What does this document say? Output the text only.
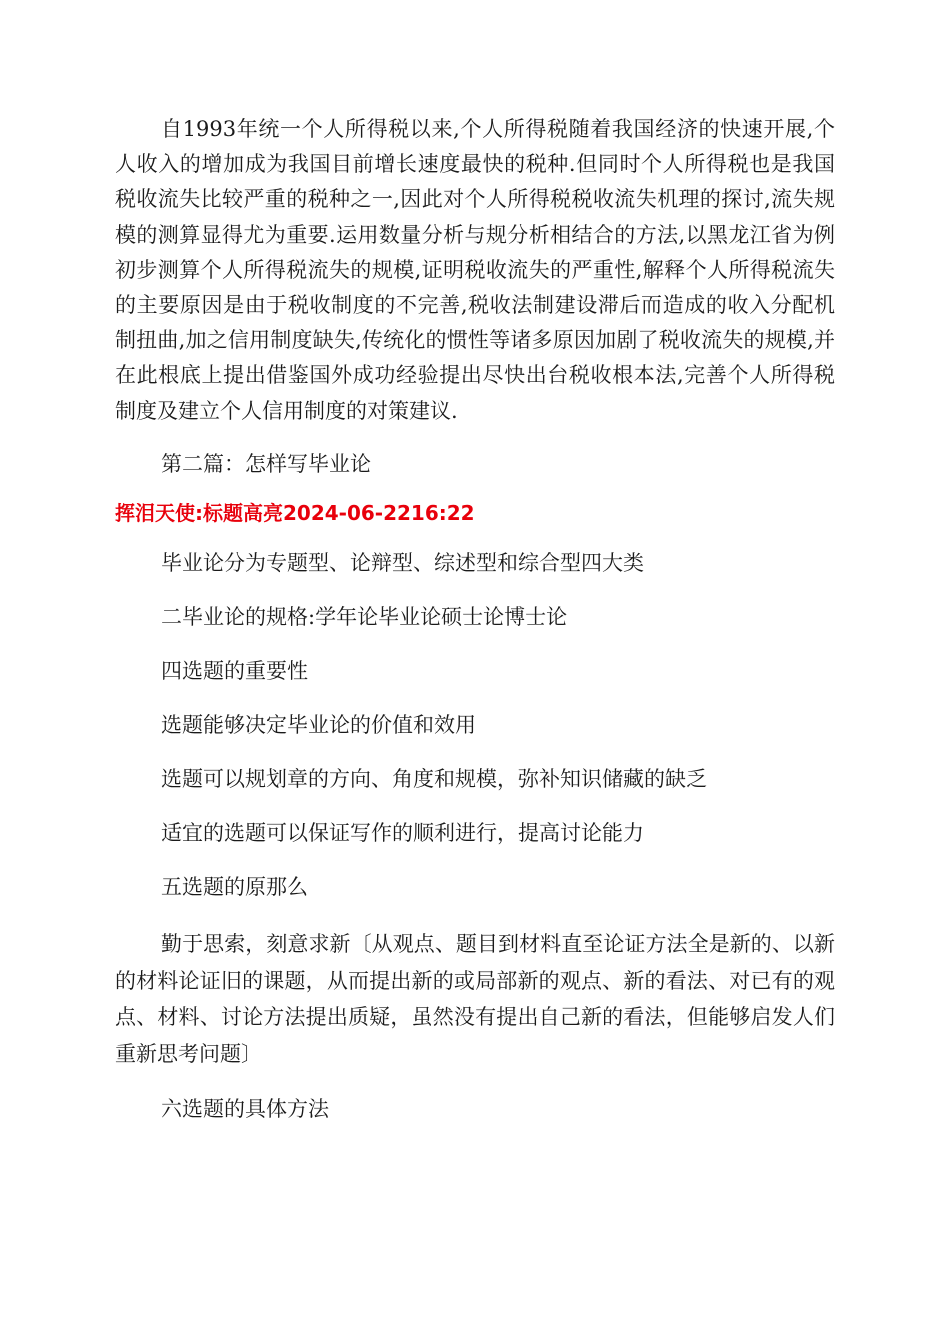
自1993年统一个人所得税以来,个人所得税随着我国经济的快速开展,个人收入的增加成为我国目前增长速度最快的税种.但同时个人所得税也是我国税收流失比较严重的税种之一,因此对个人所得税税收流失机理的探讨,流失规模的测算显得尤为重要.运用数量分析与规分析相结合的方法,以黑龙江省为例初步测算个人所得税流失的规模,证明税收流失的严重性,解释个人所得税流失的主要原因是由于税收制度的不完善,税收法制建设滞后而造成的收入分配机制扭曲,加之信用制度缺失,传统化的惯性等诸多原因加剧了税收流失的规模,并在此根底上提出借鉴国外成功经验提出尽快出台税收根本法,完善个人所得税制度及建立个人信用制度的对策建议.

第二篇：怎样写毕业论

挥泪天使:标题高亮2024-06-2216:22

毕业论分为专题型、论辩型、综述型和综合型四大类

二毕业论的规格:学年论毕业论硕士论博士论

四选题的重要性

选题能够决定毕业论的价值和效用

选题可以规划章的方向、角度和规模，弥补知识储藏的缺乏

适宜的选题可以保证写作的顺利进行，提高讨论能力

五选题的原那么

勤于思索，刻意求新〔从观点、题目到材料直至论证方法全是新的、以新的材料论证旧的课题，从而提出新的或局部新的观点、新的看法、对已有的观点、材料、讨论方法提出质疑，虽然没有提出自己新的看法，但能够启发人们重新思考问题〕

六选题的具体方法
